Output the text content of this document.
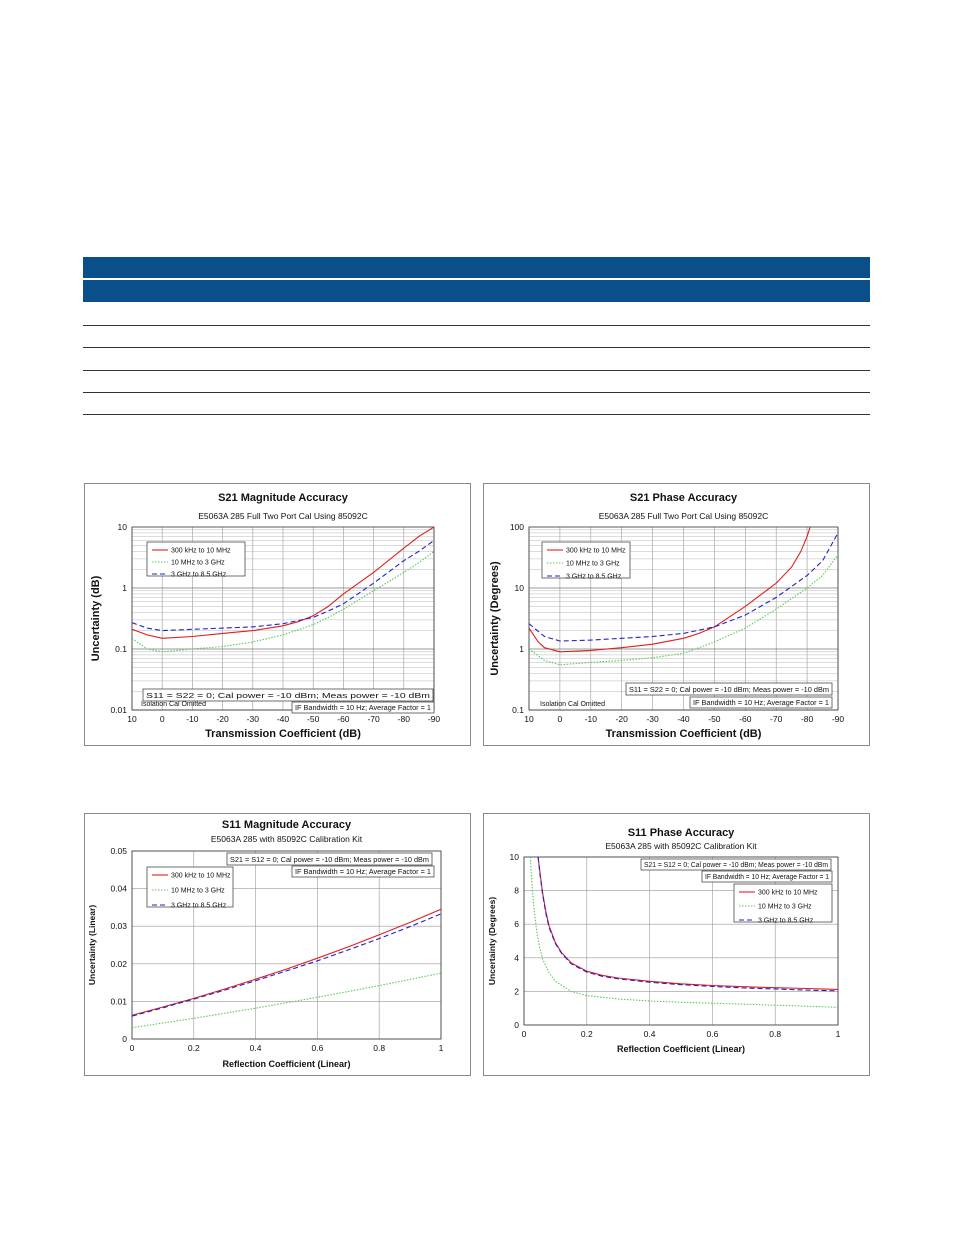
10	0	-10 -20 -30 -40 -50 -60 -70 -80 -90
0.01
0.1
1
10
S21 Magnitude Accuracy
E5063A 285 Full Two Port Cal Using 85092C
Transmission Coefficient (dB)
Uncertainty (dB)
300 kHz to 10 MHz
10 MHz to 3 GHz
3 GHz to 8.5 GHz
Isolation Cal Omitted
S11 = S22 = 0; Cal power = -10 dBm; Meas power = -10 dBm
IF Bandwidth = 10 Hz; Average Factor = 1
10	0	-10 -20 -30 -40 -50 -60 -70 -80 -90
0.1
1
10
100
S21 Phase Accuracy
E5063A 285 Full Two Port Cal Using 85092C
Transmission Coefficient (dB)
Uncertainty (Degrees)
300 kHz to 10 MHz
10 MHz to 3 GHz
3 GHz to 8.5 GHz
Isolation Cal Omitted
S11 = S22 = 0; Cal power = -10 dBm; Meas power = -10 dBm
IF Bandwidth = 10 Hz; Average Factor = 1
0	0.2	0.4	0.6	0.8	1
0
0.01
0.02
0.03
0.04
0.05
S11 Magnitude Accuracy
E5063A 285 with 85092C Calibration Kit
Reflection Coefficient (Linear)
Uncertainty (Linear)
300 kHz to 10 MHz
10 MHz to 3 GHz
3 GHz to 8.5 GHz
S21 = S12 = 0; Cal power = -10 dBm; Meas power = -10 dBm
IF Bandwidth = 10 Hz; Average Factor = 1
0	0.2	0.4	0.6	0.8	1
0
2
4
6
8
10
S11 Phase Accuracy
E5063A 285 with 85092C Calibration Kit
Reflection Coefficient (Linear)
Uncertainty (Degrees)
300 kHz to 10 MHz
10 MHz to 3 GHz
3 GHz to 8.5 GHz
S21 = S12 = 0; Cal power = -10 dBm; Meas power = -10 dBm
IF Bandwidth = 10 Hz; Average Factor = 1
